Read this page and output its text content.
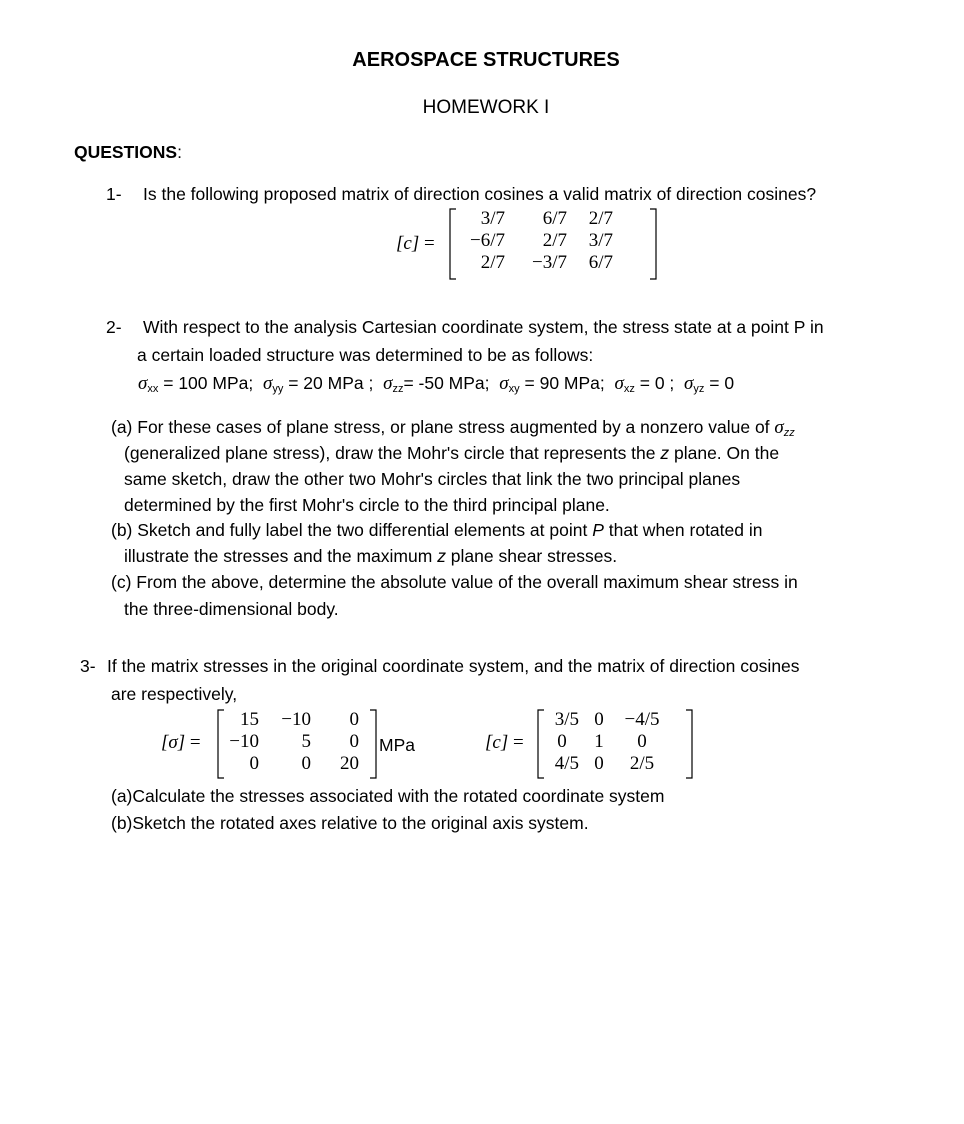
AEROSPACE STRUCTURES
HOMEWORK I
QUESTIONS:
1- Is the following proposed matrix of direction cosines a valid matrix of direction cosines?
[c] =
3/7	6/7	2/7
−6/7	2/7	3/7
2/7	−3/7	6/7
2- With respect to the analysis Cartesian coordinate system, the stress state at a point P in
a certain loaded structure was determined to be as follows:
$\sigma_{xx} = 100$ MPa; $\sigma_{yy} = 20$ MPa ; $\sigma_{zz}= -50$ MPa; $\sigma_{xy} = 90$ MPa; $\sigma_{xz} = 0$ ; $\sigma_{yz} = 0$
(a) For these cases of plane stress, or plane stress augmented by a nonzero value of $\sigma_{zz}$
(generalized plane stress), draw the Mohr's circle that represents the z plane. On the
same sketch, draw the other two Mohr's circles that link the two principal planes
determined by the first Mohr's circle to the third principal plane.
(b) Sketch and fully label the two differential elements at point P that when rotated in
illustrate the stresses and the maximum z plane shear stresses.
(c) From the above, determine the absolute value of the overall maximum shear stress in
the three-dimensional body.
3- If the matrix stresses in the original coordinate system, and the matrix of direction cosines
are respectively,
[σ] =
15	−10	0
−10	5	0
0	0	20
MPa	[c] =
3/5	0	−4/5
0	1	0
4/5	0	2/5
(a)Calculate the stresses associated with the rotated coordinate system
(b)Sketch the rotated axes relative to the original axis system.
